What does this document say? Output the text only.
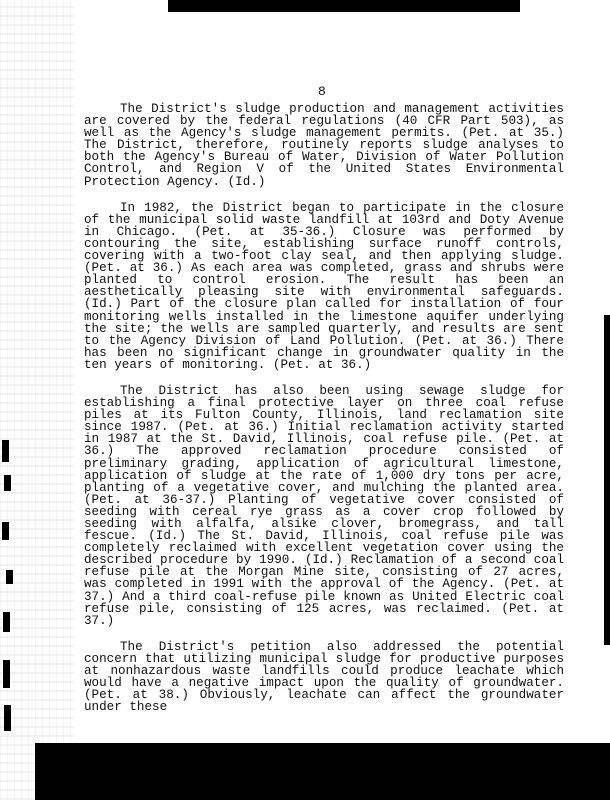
8

The District's sludge production and management activities are covered by the federal regulations (40 CFR Part 503), as well as the Agency's sludge management permits. (Pet. at 35.) The District, therefore, routinely reports sludge analyses to both the Agency's Bureau of Water, Division of Water Pollution Control, and Region V of the United States Environmental Protection Agency. (Id.)

In 1982, the District began to participate in the closure of the municipal solid waste landfill at 103rd and Doty Avenue in Chicago. (Pet. at 35-36.) Closure was performed by contouring the site, establishing surface runoff controls, covering with a two-foot clay seal, and then applying sludge. (Pet. at 36.) As each area was completed, grass and shrubs were planted to control erosion. The result has been an aesthetically pleasing site with environmental safeguards. (Id.) Part of the closure plan called for installation of four monitoring wells installed in the limestone aquifer underlying the site; the wells are sampled quarterly, and results are sent to the Agency Division of Land Pollution. (Pet. at 36.) There has been no significant change in groundwater quality in the ten years of monitoring. (Pet. at 36.)

The District has also been using sewage sludge for establishing a final protective layer on three coal refuse piles at its Fulton County, Illinois, land reclamation site since 1987. (Pet. at 36.) Initial reclamation activity started in 1987 at the St. David, Illinois, coal refuse pile. (Pet. at 36.) The approved reclamation procedure consisted of preliminary grading, application of agricultural limestone, application of sludge at the rate of 1,000 dry tons per acre, planting of a vegetative cover, and mulching the planted area. (Pet. at 36-37.) Planting of vegetative cover consisted of seeding with cereal rye grass as a cover crop followed by seeding with alfalfa, alsike clover, bromegrass, and tall fescue. (Id.) The St. David, Illinois, coal refuse pile was completely reclaimed with excellent vegetation cover using the described procedure by 1990. (Id.) Reclamation of a second coal refuse pile at the Morgan Mine site, consisting of 27 acres, was completed in 1991 with the approval of the Agency. (Pet. at 37.) And a third coal-refuse pile known as United Electric coal refuse pile, consisting of 125 acres, was reclaimed. (Pet. at 37.)

The District's petition also addressed the potential concern that utilizing municipal sludge for productive purposes at nonhazardous waste landfills could produce leachate which would have a negative impact upon the quality of groundwater. (Pet. at 38.) Obviously, leachate can affect the groundwater under these
